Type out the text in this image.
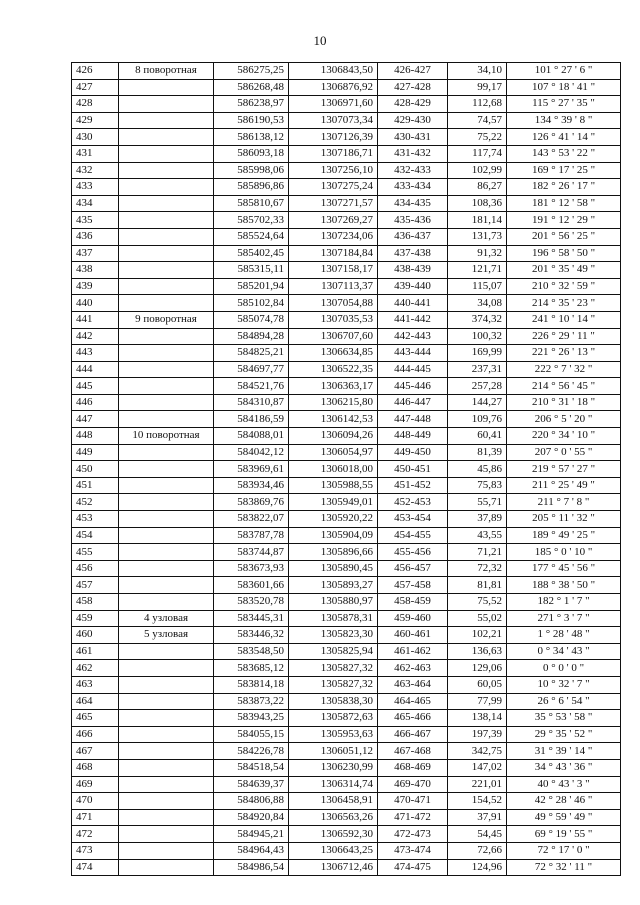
10
426	8 поворотная	586275,25	1306843,50	426-427	34,10	101 ° 27 ' 6 "
427		586268,48	1306876,92	427-428	99,17	107 ° 18 ' 41 "
428		586238,97	1306971,60	428-429	112,68	115 ° 27 ' 35 "
429		586190,53	1307073,34	429-430	74,57	134 ° 39 ' 8 "
430		586138,12	1307126,39	430-431	75,22	126 ° 41 ' 14 "
431		586093,18	1307186,71	431-432	117,74	143 ° 53 ' 22 "
432		585998,06	1307256,10	432-433	102,99	169 ° 17 ' 25 "
433		585896,86	1307275,24	433-434	86,27	182 ° 26 ' 17 "
434		585810,67	1307271,57	434-435	108,36	181 ° 12 ' 58 "
435		585702,33	1307269,27	435-436	181,14	191 ° 12 ' 29 "
436		585524,64	1307234,06	436-437	131,73	201 ° 56 ' 25 "
437		585402,45	1307184,84	437-438	91,32	196 ° 58 ' 50 "
438		585315,11	1307158,17	438-439	121,71	201 ° 35 ' 49 "
439		585201,94	1307113,37	439-440	115,07	210 ° 32 ' 59 "
440		585102,84	1307054,88	440-441	34,08	214 ° 35 ' 23 "
441	9 поворотная	585074,78	1307035,53	441-442	374,32	241 ° 10 ' 14 "
442		584894,28	1306707,60	442-443	100,32	226 ° 29 ' 11 "
443		584825,21	1306634,85	443-444	169,99	221 ° 26 ' 13 "
444		584697,77	1306522,35	444-445	237,31	222 ° 7 ' 32 "
445		584521,76	1306363,17	445-446	257,28	214 ° 56 ' 45 "
446		584310,87	1306215,80	446-447	144,27	210 ° 31 ' 18 "
447		584186,59	1306142,53	447-448	109,76	206 ° 5 ' 20 "
448	10 поворотная	584088,01	1306094,26	448-449	60,41	220 ° 34 ' 10 "
449		584042,12	1306054,97	449-450	81,39	207 ° 0 ' 55 "
450		583969,61	1306018,00	450-451	45,86	219 ° 57 ' 27 "
451		583934,46	1305988,55	451-452	75,83	211 ° 25 ' 49 "
452		583869,76	1305949,01	452-453	55,71	211 ° 7 ' 8 "
453		583822,07	1305920,22	453-454	37,89	205 ° 11 ' 32 "
454		583787,78	1305904,09	454-455	43,55	189 ° 49 ' 25 "
455		583744,87	1305896,66	455-456	71,21	185 ° 0 ' 10 "
456		583673,93	1305890,45	456-457	72,32	177 ° 45 ' 56 "
457		583601,66	1305893,27	457-458	81,81	188 ° 38 ' 50 "
458		583520,78	1305880,97	458-459	75,52	182 ° 1 ' 7 "
459	4 узловая	583445,31	1305878,31	459-460	55,02	271 ° 3 ' 7 "
460	5 узловая	583446,32	1305823,30	460-461	102,21	1 ° 28 ' 48 "
461		583548,50	1305825,94	461-462	136,63	0 ° 34 ' 43 "
462		583685,12	1305827,32	462-463	129,06	0 ° 0 ' 0 "
463		583814,18	1305827,32	463-464	60,05	10 ° 32 ' 7 "
464		583873,22	1305838,30	464-465	77,99	26 ° 6 ' 54 "
465		583943,25	1305872,63	465-466	138,14	35 ° 53 ' 58 "
466		584055,15	1305953,63	466-467	197,39	29 ° 35 ' 52 "
467		584226,78	1306051,12	467-468	342,75	31 ° 39 ' 14 "
468		584518,54	1306230,99	468-469	147,02	34 ° 43 ' 36 "
469		584639,37	1306314,74	469-470	221,01	40 ° 43 ' 3 "
470		584806,88	1306458,91	470-471	154,52	42 ° 28 ' 46 "
471		584920,84	1306563,26	471-472	37,91	49 ° 59 ' 49 "
472		584945,21	1306592,30	472-473	54,45	69 ° 19 ' 55 "
473		584964,43	1306643,25	473-474	72,66	72 ° 17 ' 0 "
474		584986,54	1306712,46	474-475	124,96	72 ° 32 ' 11 "
